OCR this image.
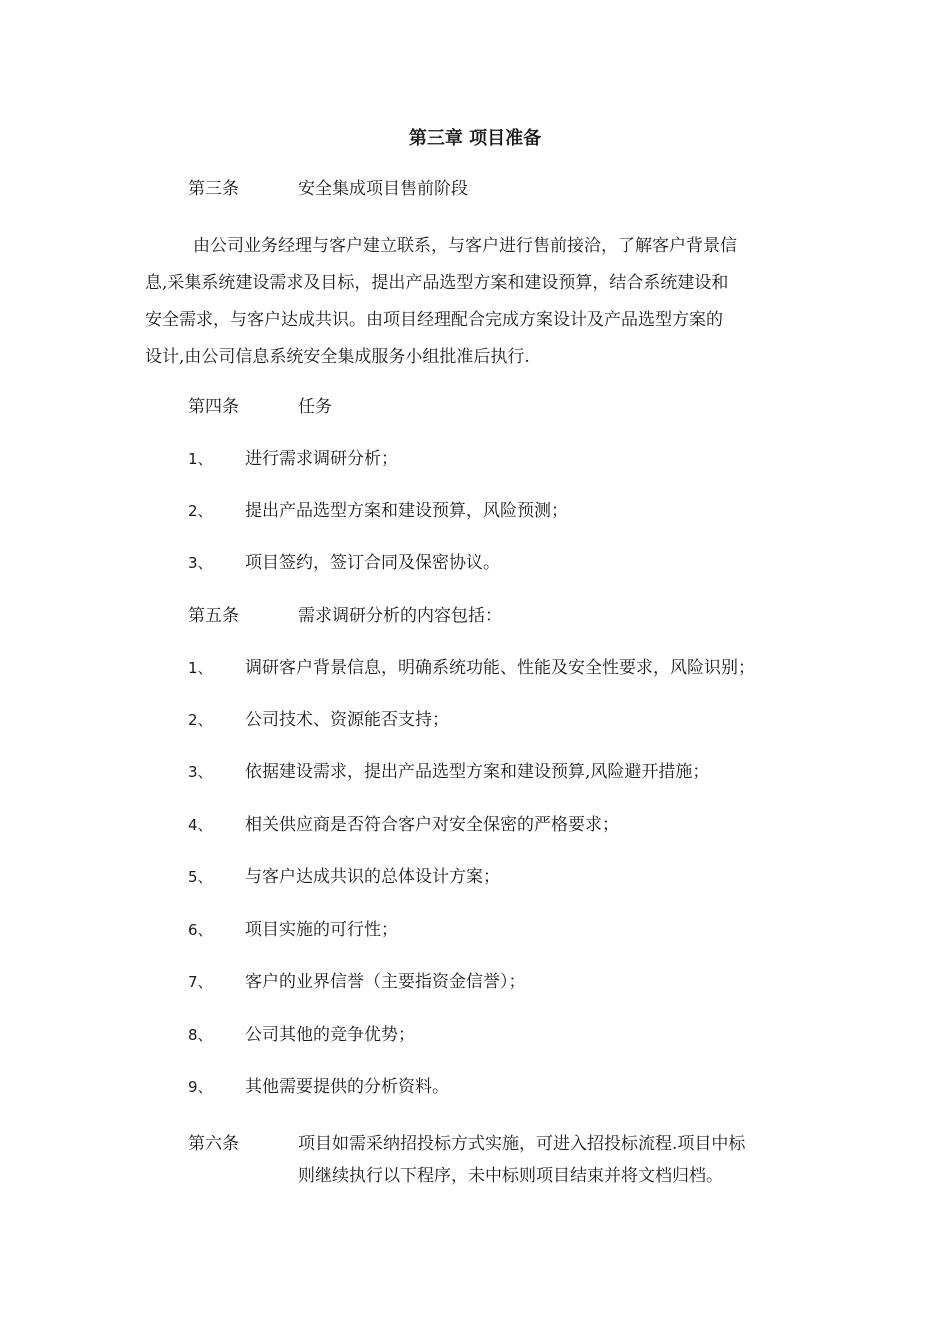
第三章 项目准备
第三条	安全集成项目售前阶段
由公司业务经理与客户建立联系，与客户进行售前接洽，了解客户背景信
息,采集系统建设需求及目标，提出产品选型方案和建设预算，结合系统建设和
安全需求，与客户达成共识。由项目经理配合完成方案设计及产品选型方案的
设计,由公司信息系统安全集成服务小组批准后执行.
第四条	任务
1、 进行需求调研分析；
2、 提出产品选型方案和建设预算，风险预测；
3、 项目签约，签订合同及保密协议。
第五条	需求调研分析的内容包括：
1、 调研客户背景信息，明确系统功能、性能及安全性要求，风险识别；
2、 公司技术、资源能否支持；
3、 依据建设需求，提出产品选型方案和建设预算,风险避开措施；
4、 相关供应商是否符合客户对安全保密的严格要求；
5、 与客户达成共识的总体设计方案；
6、 项目实施的可行性；
7、 客户的业界信誉（主要指资金信誉）；
8、 公司其他的竞争优势；
9、 其他需要提供的分析资料。
第六条	项目如需采纳招投标方式实施，可进入招投标流程.项目中标
则继续执行以下程序，未中标则项目结束并将文档归档。
